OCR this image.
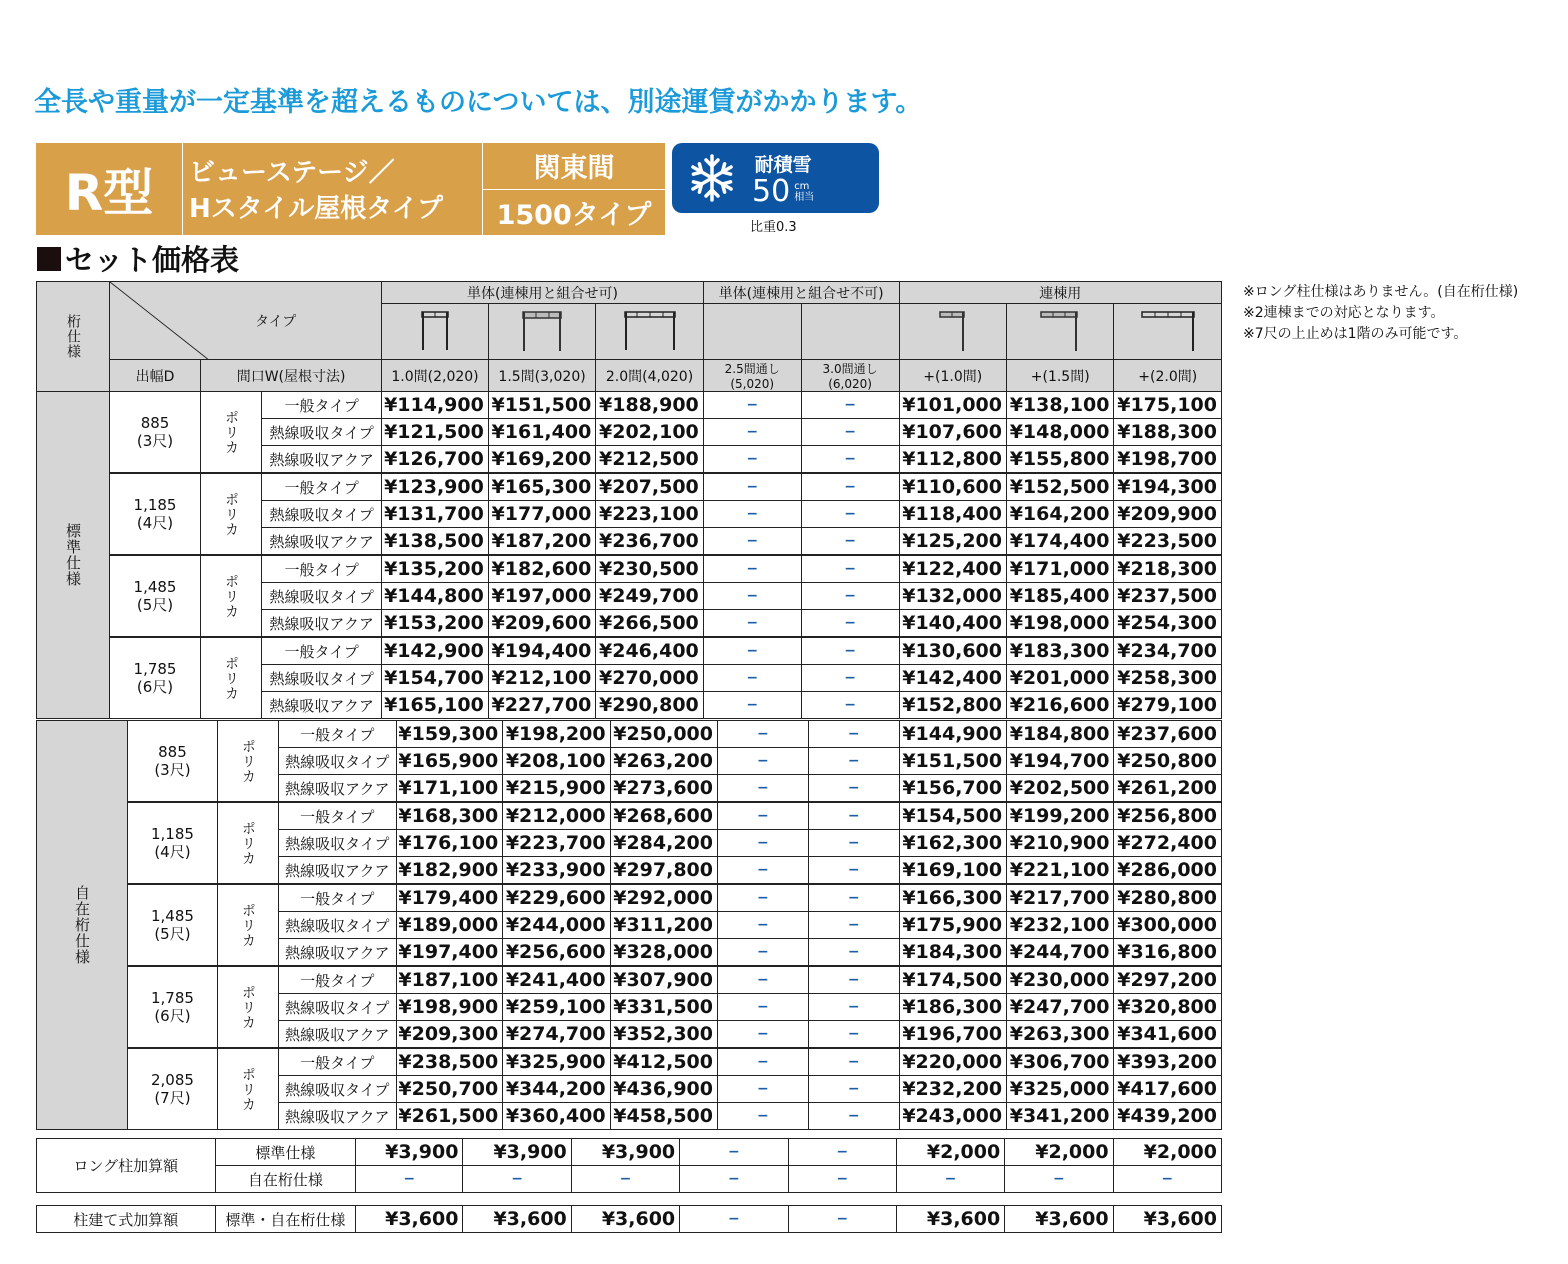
全長や重量が一定基準を超えるものについては、別途運賃がかかります。
R型	ビューステージ／
Hスタイル屋根タイプ
関東間
1500タイプ
耐積雪
50 cm
相当
比重0.3
セット価格表
※ロング柱仕様はありません。(自在桁仕様)
※2連棟までの対応となります。
※7尺の上止めは1階のみ可能です。
桁仕様	タイプ			単体(連棟用と組合せ可)			単体(連棟用と組合せ不可)		連棟用		

	出幅D	間口W(屋根寸法)		1.0間(2,020)	1.5間(3,020)	2.0間(4,020)	2.5間通し(5,020)	3.0間通し(6,020)	+(1.0間)	+(1.5間)	+(2.0間)

標準仕様	885
(3尺)	ポリカ	一般タイプ	¥114,900	¥151,500	¥188,900	−	−	¥101,000	¥138,100	¥175,100
			熱線吸収タイプ	¥121,500	¥161,400	¥202,100	−	−	¥107,600	¥148,000	¥188,300
			熱線吸収アクア	¥126,700	¥169,200	¥212,500	−	−	¥112,800	¥155,800	¥198,700

	1,185
(4尺)	ポリカ	一般タイプ	¥123,900	¥165,300	¥207,500	−	−	¥110,600	¥152,500	¥194,300
			熱線吸収タイプ	¥131,700	¥177,000	¥223,100	−	−	¥118,400	¥164,200	¥209,900
			熱線吸収アクア	¥138,500	¥187,200	¥236,700	−	−	¥125,200	¥174,400	¥223,500

	1,485
(5尺)	ポリカ	一般タイプ	¥135,200	¥182,600	¥230,500	−	−	¥122,400	¥171,000	¥218,300
			熱線吸収タイプ	¥144,800	¥197,000	¥249,700	−	−	¥132,000	¥185,400	¥237,500
			熱線吸収アクア	¥153,200	¥209,600	¥266,500	−	−	¥140,400	¥198,000	¥254,300

	1,785
(6尺)	ポリカ	一般タイプ	¥142,900	¥194,400	¥246,400	−	−	¥130,600	¥183,300	¥234,700
			熱線吸収タイプ	¥154,700	¥212,100	¥270,000	−	−	¥142,400	¥201,000	¥258,300
			熱線吸収アクア	¥165,100	¥227,700	¥290,800	−	−	¥152,800	¥216,600	¥279,100
自在桁仕様	885
(3尺)	ポリカ	一般タイプ	¥159,300	¥198,200	¥250,000	−	−	¥144,900	¥184,800	¥237,600
			熱線吸収タイプ	¥165,900	¥208,100	¥263,200	−	−	¥151,500	¥194,700	¥250,800
			熱線吸収アクア	¥171,100	¥215,900	¥273,600	−	−	¥156,700	¥202,500	¥261,200

	1,185
(4尺)	ポリカ	一般タイプ	¥168,300	¥212,000	¥268,600	−	−	¥154,500	¥199,200	¥256,800
			熱線吸収タイプ	¥176,100	¥223,700	¥284,200	−	−	¥162,300	¥210,900	¥272,400
			熱線吸収アクア	¥182,900	¥233,900	¥297,800	−	−	¥169,100	¥221,100	¥286,000

	1,485
(5尺)	ポリカ	一般タイプ	¥179,400	¥229,600	¥292,000	−	−	¥166,300	¥217,700	¥280,800
			熱線吸収タイプ	¥189,000	¥244,000	¥311,200	−	−	¥175,900	¥232,100	¥300,000
			熱線吸収アクア	¥197,400	¥256,600	¥328,000	−	−	¥184,300	¥244,700	¥316,800

	1,785
(6尺)	ポリカ	一般タイプ	¥187,100	¥241,400	¥307,900	−	−	¥174,500	¥230,000	¥297,200
			熱線吸収タイプ	¥198,900	¥259,100	¥331,500	−	−	¥186,300	¥247,700	¥320,800
			熱線吸収アクア	¥209,300	¥274,700	¥352,300	−	−	¥196,700	¥263,300	¥341,600

	2,085
(7尺)	ポリカ	一般タイプ	¥238,500	¥325,900	¥412,500	−	−	¥220,000	¥306,700	¥393,200
			熱線吸収タイプ	¥250,700	¥344,200	¥436,900	−	−	¥232,200	¥325,000	¥417,600
			熱線吸収アクア	¥261,500	¥360,400	¥458,500	−	−	¥243,000	¥341,200	¥439,200
ロング柱加算額	標準仕様	¥3,900	¥3,900	¥3,900	−	−	¥2,000	¥2,000	¥2,000
	自在桁仕様	−	−	−	−	−	−	−	−
柱建て式加算額	標準・自在桁仕様	¥3,600	¥3,600	¥3,600	−	−	¥3,600	¥3,600	¥3,600
